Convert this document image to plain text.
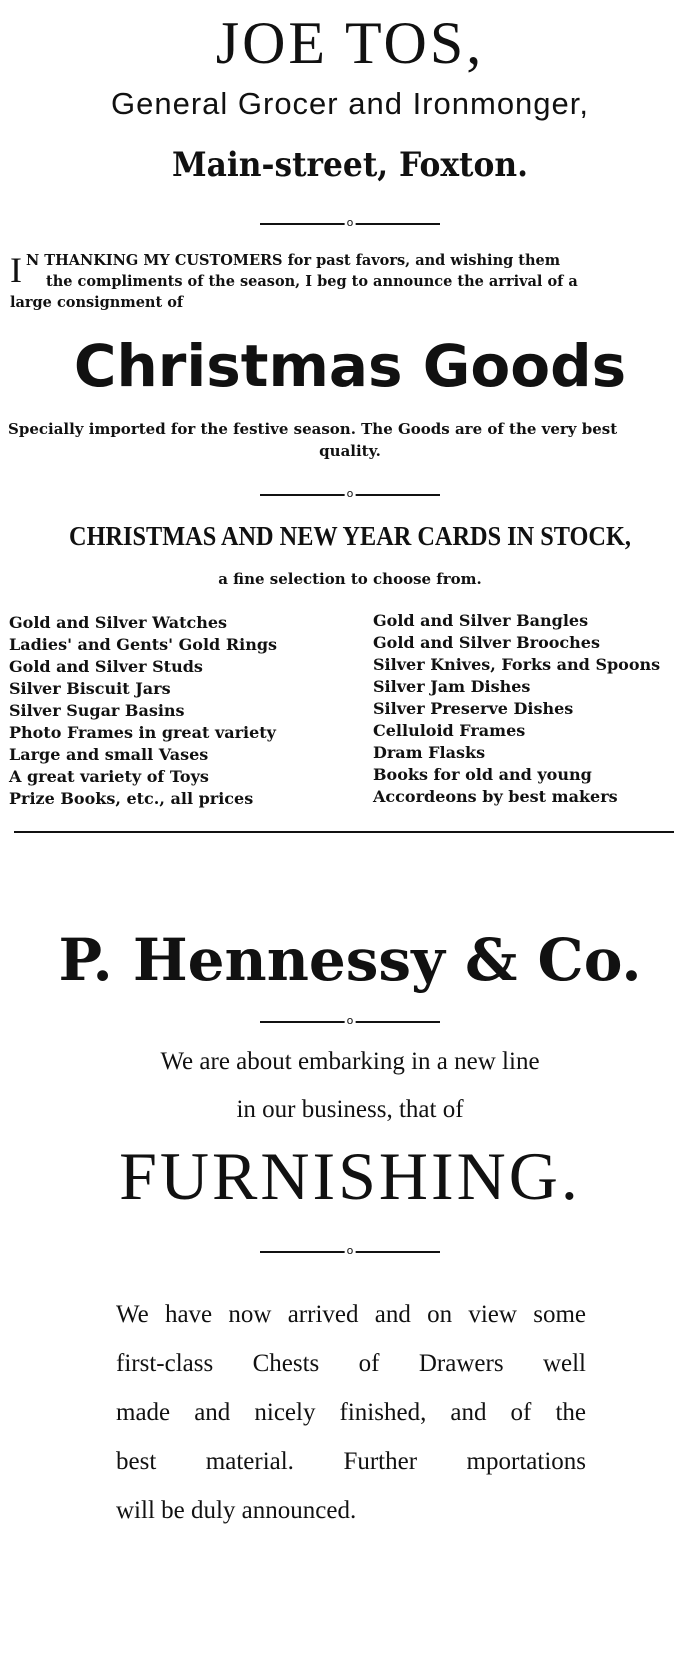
JOE TOS,
General Grocer and Ironmonger,
Main-street, Foxton.
o
I N THANKING MY CUSTOMERS for past favors, and wishing them
the compliments of the season, I beg to announce the arrival of a
large consignment of
Christmas Goods
Specially imported for the festive season. The Goods are of the very best
quality.
o
CHRISTMAS AND NEW YEAR CARDS IN STOCK,
a fine selection to choose from.
Gold and Silver Watches
Ladies' and Gents' Gold Rings
Gold and Silver Studs
Silver Biscuit Jars
Silver Sugar Basins
Photo Frames in great variety
Large and small Vases
A great variety of Toys
Prize Books, etc., all prices
Gold and Silver Bangles
Gold and Silver Brooches
Silver Knives, Forks and Spoons
Silver Jam Dishes
Silver Preserve Dishes
Celluloid Frames
Dram Flasks
Books for old and young
Accordeons by best makers
P. Hennessy & Co.
o
We are about embarking in a new line
in our business, that of
FURNISHING.
o
We have now arrived and on view some
first-class Chests of Drawers well
made and nicely finished, and of the
best material. Further mportations
will be duly announced.
